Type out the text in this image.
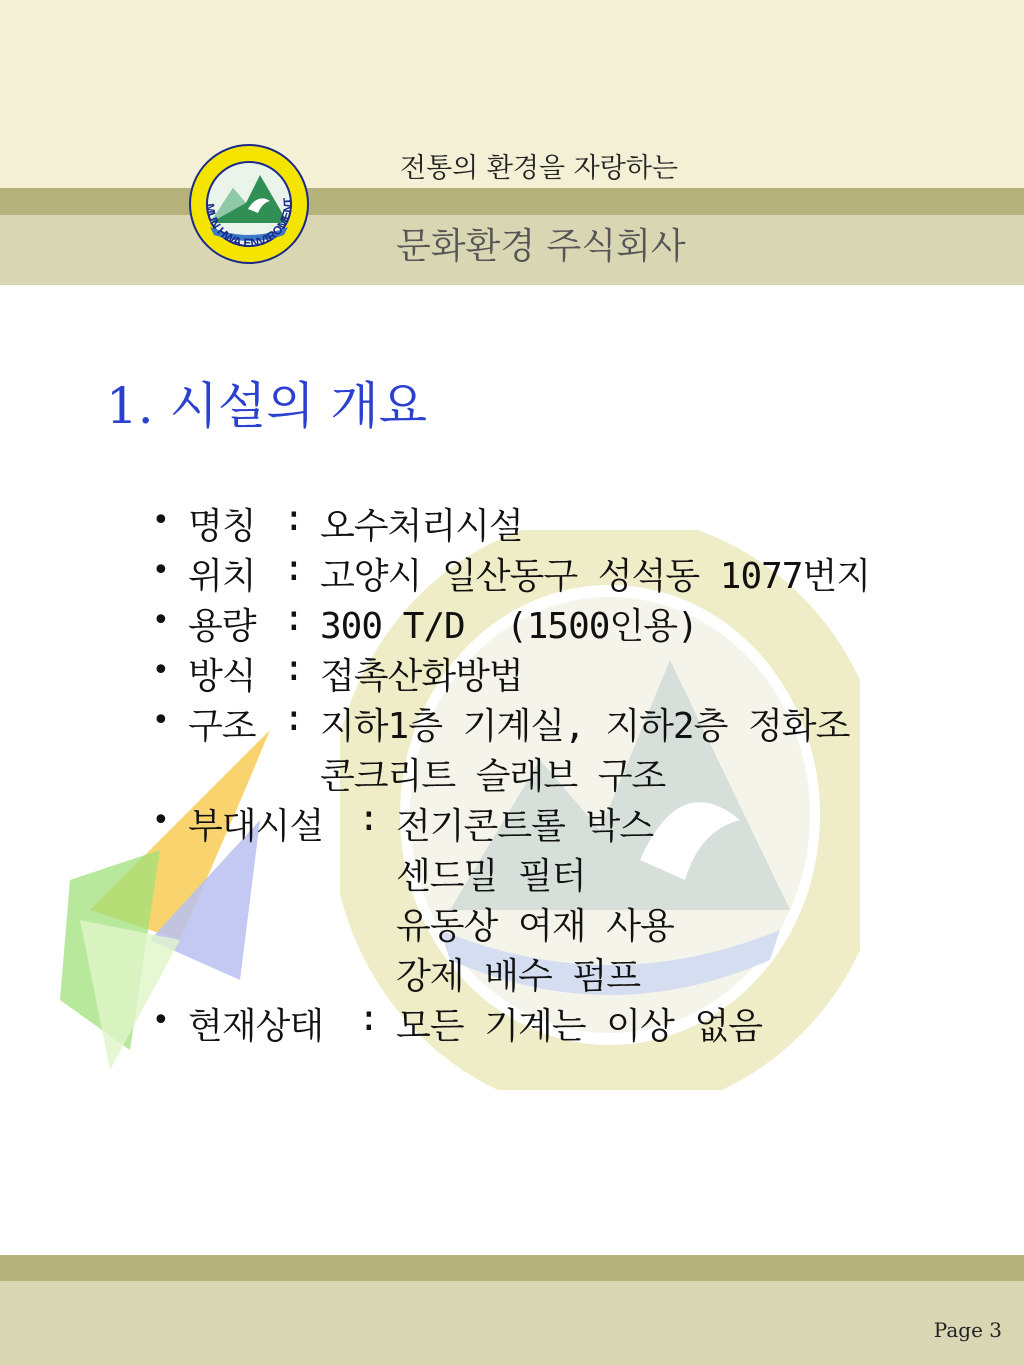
MUN HWA ENVIROMENT
전통의 환경을 자랑하는
문화환경 주식회사
1. 시설의 개요
• 명칭 : 오수처리시설
• 위치 : 고양시 일산동구 성석동 1077번지
• 용량 : 300 T/D  (1500인용)
• 방식 : 접촉산화방법
• 구조 : 지하1층 기계실, 지하2층 정화조
콘크리트 슬래브 구조
• 부대시설 : 전기콘트롤 박스
센드밀 필터
유동상 여재 사용
강제 배수 펌프
• 현재상태 : 모든 기계는 이상 없음
Page 3
